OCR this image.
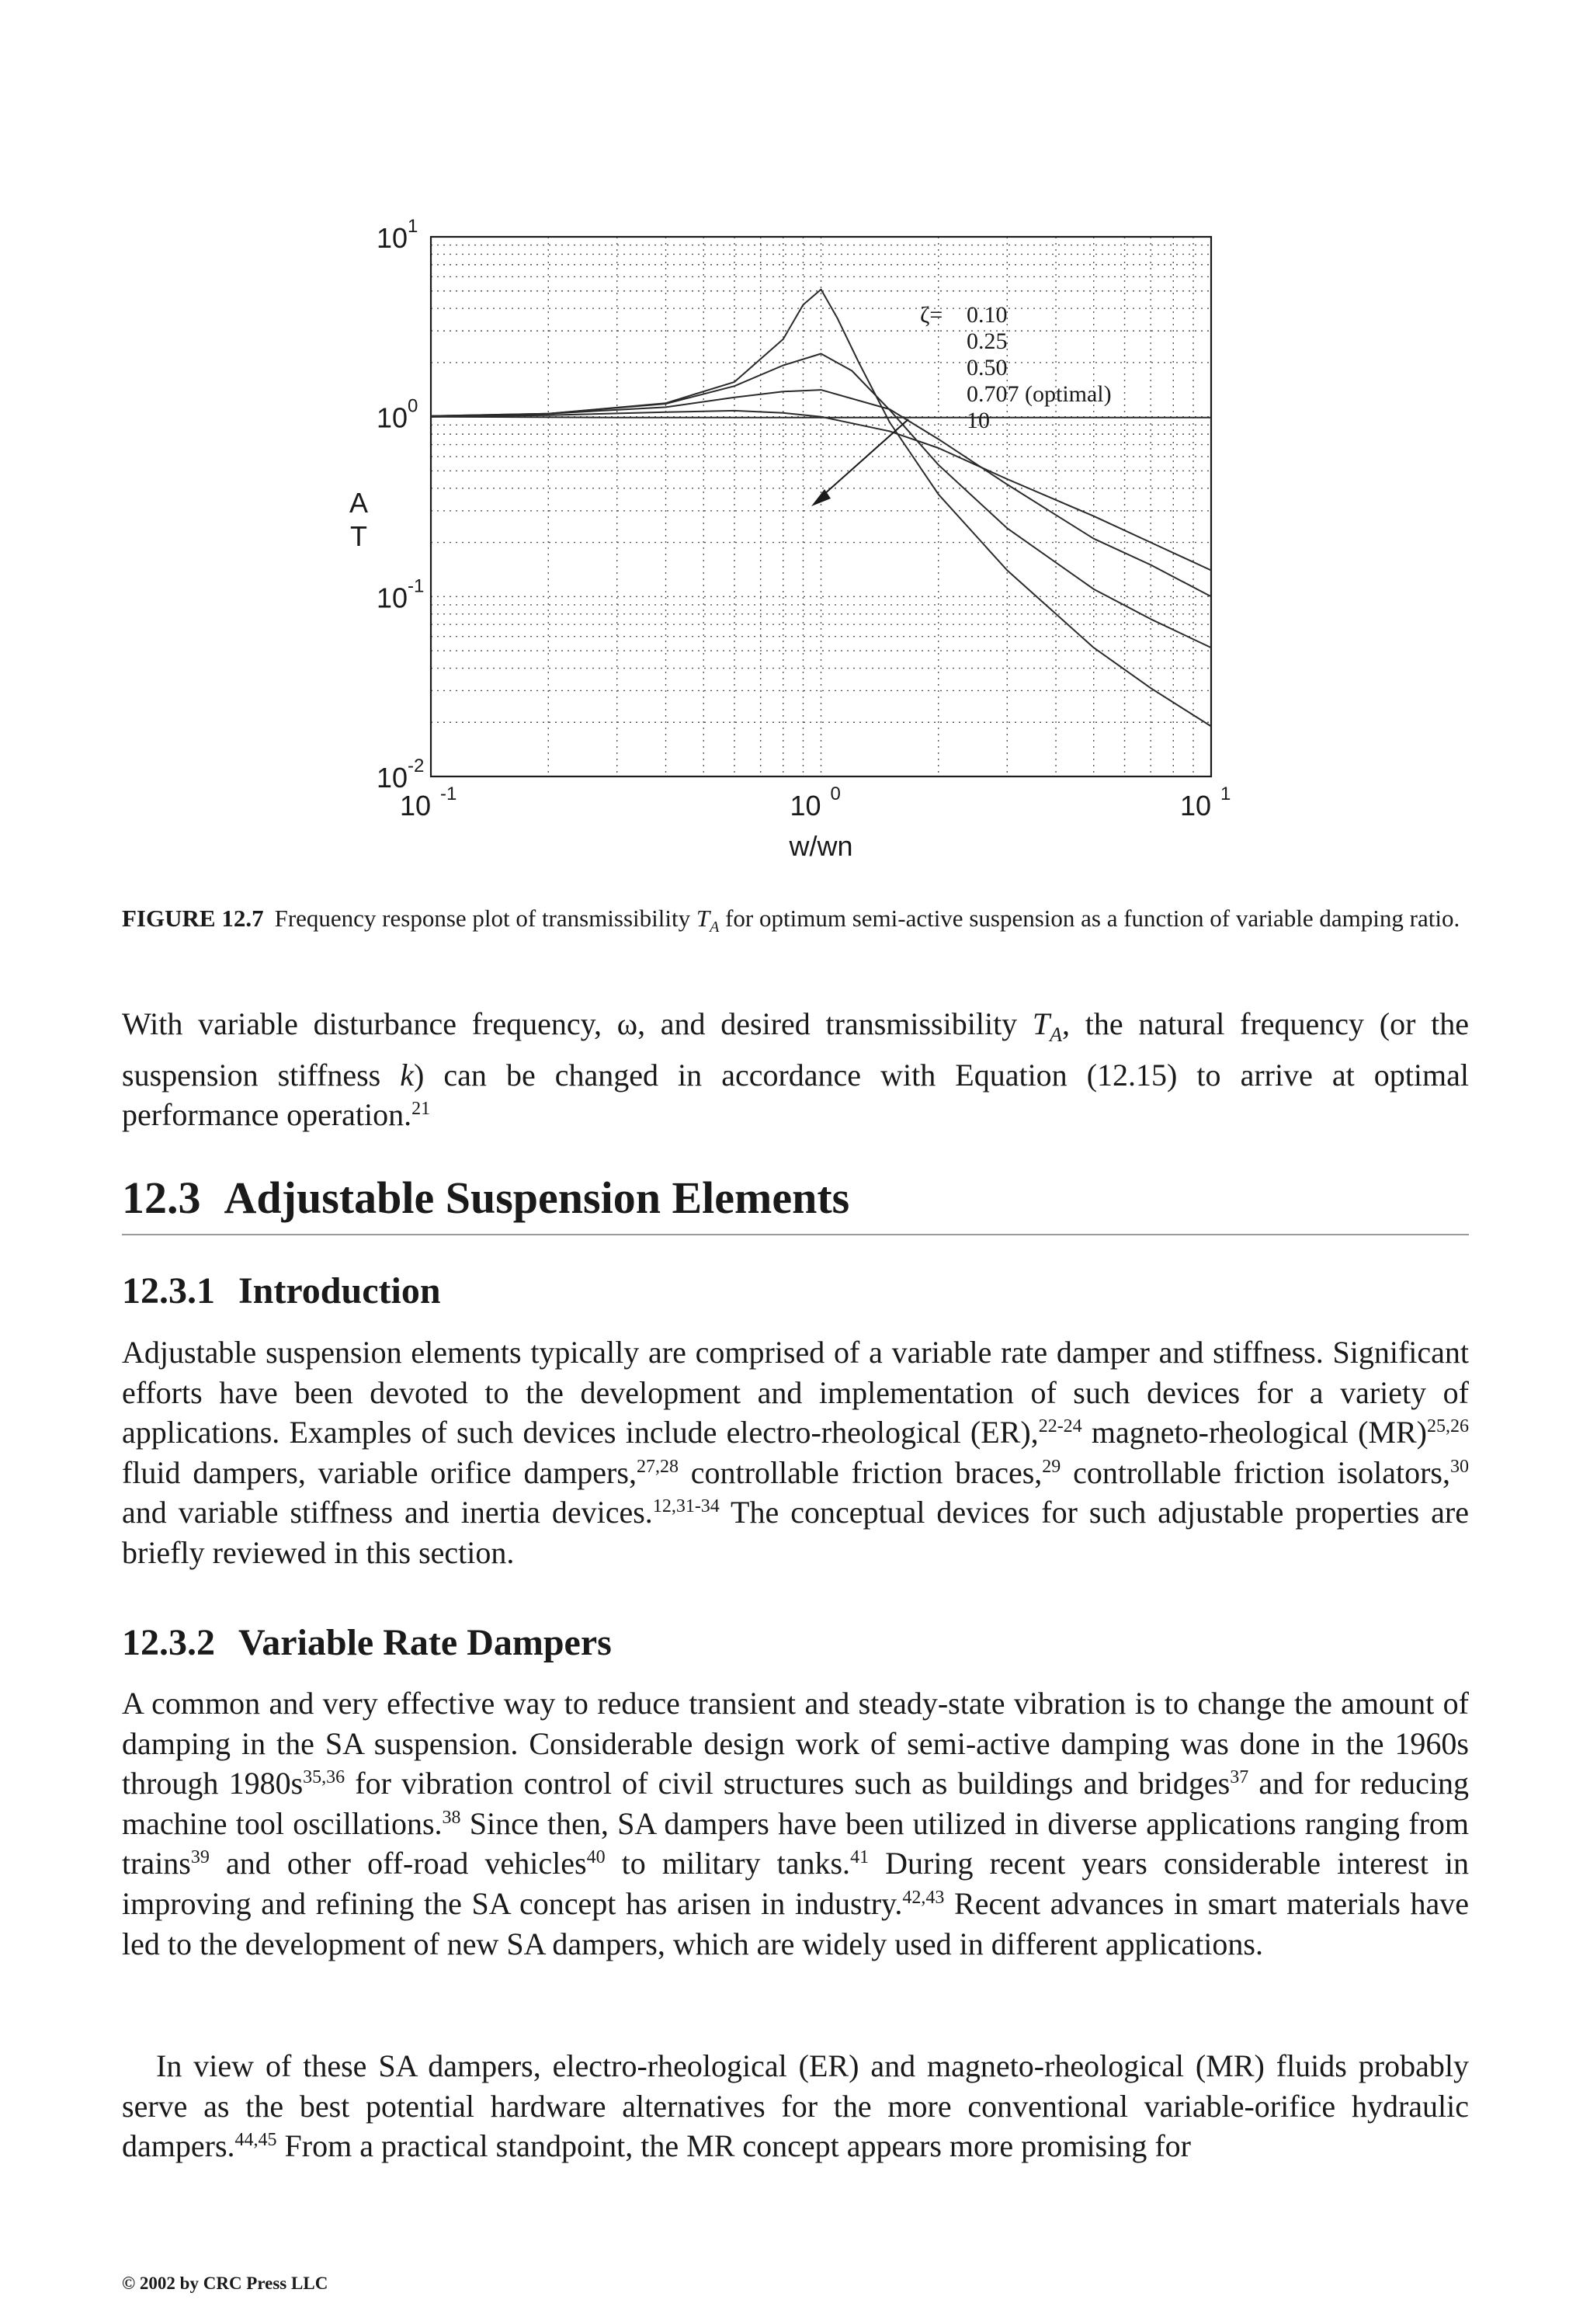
10 -1	10 0	10 1
10 1
10 0
10 -1
10 -2
w/wn
A
T
ζ= 0.10
0.25
0.50
0.707 (optimal)
10
FIGURE 12.7 Frequency response plot of transmissibility $T_A$ for optimum semi-active suspension as a function of variable damping ratio.
With variable disturbance frequency, ω, and desired transmissibility $T_A$, the natural frequency (or the suspension stiffness k) can be changed in accordance with Equation (12.15) to arrive at optimal performance operation.$^{21}$
12.3 Adjustable Suspension Elements
12.3.1 Introduction
Adjustable suspension elements typically are comprised of a variable rate damper and stiffness. Significant efforts have been devoted to the development and implementation of such devices for a variety of applications. Examples of such devices include electro-rheological (ER),$^{22-24}$ magneto-rheological (MR)$^{25,26}$ fluid dampers, variable orifice dampers,$^{27,28}$ controllable friction braces,$^{29}$ controllable friction isolators,$^{30}$ and variable stiffness and inertia devices.$^{12,31-34}$ The conceptual devices for such adjustable properties are briefly reviewed in this section.
12.3.2 Variable Rate Dampers
A common and very effective way to reduce transient and steady-state vibration is to change the amount of damping in the SA suspension. Considerable design work of semi-active damping was done in the 1960s through $1980s^{35,36}$ for vibration control of civil structures such as buildings and bridges$^{37}$ and for reducing machine tool oscillations.$^{38}$ Since then, SA dampers have been utilized in diverse applications ranging from trains$^{39}$ and other off-road vehicles$^{40}$ to military tanks.$^{41}$ During recent years considerable interest in improving and refining the SA concept has arisen in industry.$^{42,43}$ Recent advances in smart materials have led to the development of new SA dampers, which are widely used in different applications.
In view of these SA dampers, electro-rheological (ER) and magneto-rheological (MR) fluids probably serve as the best potential hardware alternatives for the more conventional variable-orifice hydraulic dampers.$^{44,45}$ From a practical standpoint, the MR concept appears more promising for
© 2002 by CRC Press LLC
